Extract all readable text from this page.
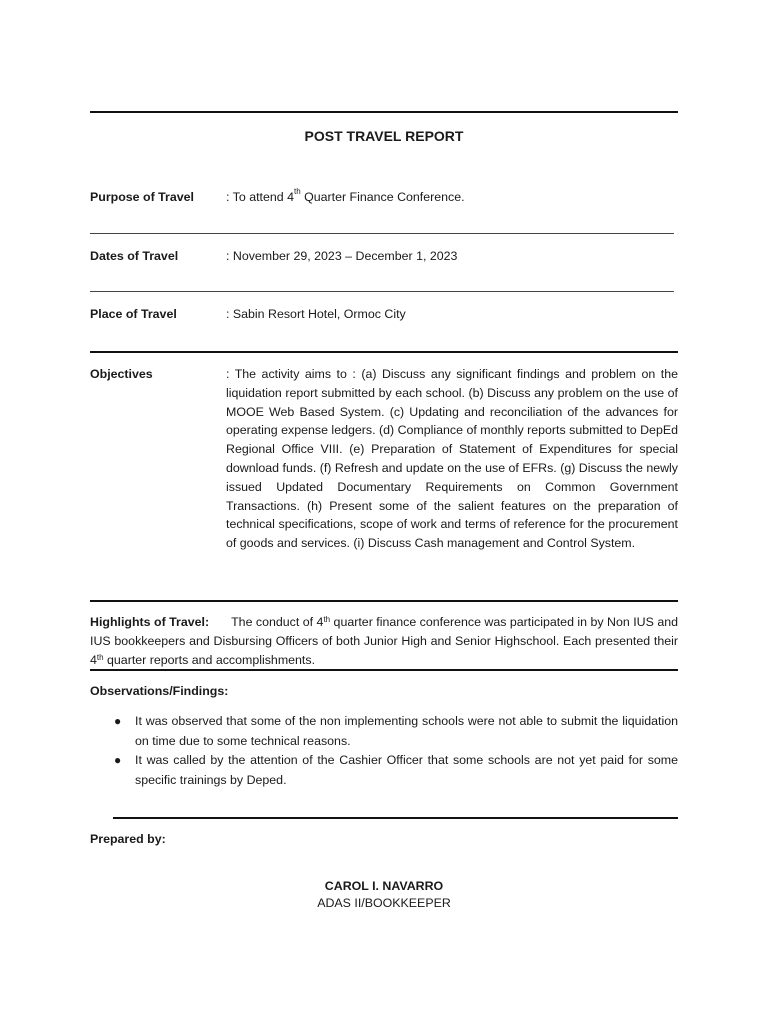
POST TRAVEL REPORT
Purpose of Travel	: To attend 4th Quarter Finance Conference.
Dates of Travel	: November 29, 2023 – December 1, 2023
Place of Travel	: Sabin Resort Hotel, Ormoc City
Objectives	: The activity aims to : (a) Discuss any significant findings and problem on the liquidation report submitted by each school. (b) Discuss any problem on the use of MOOE Web Based System. (c) Updating and reconciliation of the advances for operating expense ledgers. (d) Compliance of monthly reports submitted to DepEd Regional Office VIII. (e) Preparation of Statement of Expenditures for special download funds. (f) Refresh and update on the use of EFRs. (g) Discuss the newly issued Updated Documentary Requirements on Common Government Transactions. (h) Present some of the salient features on the preparation of technical specifications, scope of work and terms of reference for the procurement of goods and services. (i) Discuss Cash management and Control System.
Highlights of Travel: The conduct of 4th quarter finance conference was participated in by Non IUS and IUS bookkeepers and Disbursing Officers of both Junior High and Senior Highschool. Each presented their 4th quarter reports and accomplishments.
Observations/Findings:
● It was observed that some of the non implementing schools were not able to submit the liquidation on time due to some technical reasons.
● It was called by the attention of the Cashier Officer that some schools are not yet paid for some specific trainings by Deped.
Prepared by:
CAROL I. NAVARRO
ADAS II/BOOKKEEPER
